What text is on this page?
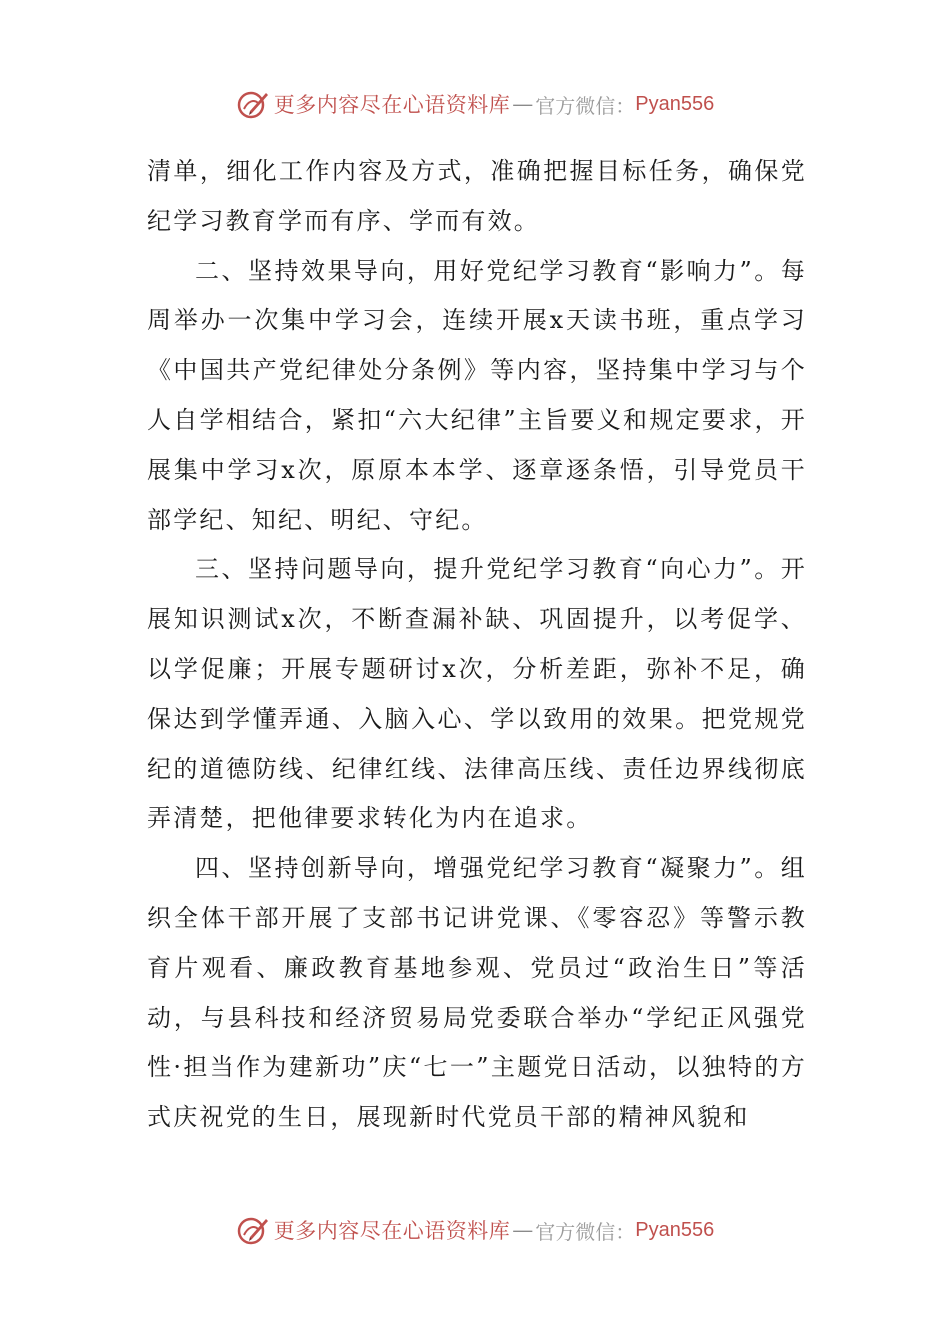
更多内容尽在心语资料库 — 官方微信： Pyan556

清单，细化工作内容及方式，准确把握目标任务，确保党纪学习教育学而有序、学而有效。

二、坚持效果导向，用好党纪学习教育“影响力”。每周举办一次集中学习会，连续开展x天读书班，重点学习《中国共产党纪律处分条例》等内容，坚持集中学习与个人自学相结合，紧扣“六大纪律”主旨要义和规定要求，开展集中学习x次，原原本本学、逐章逐条悟，引导党员干部学纪、知纪、明纪、守纪。

三、坚持问题导向，提升党纪学习教育“向心力”。开展知识测试x次，不断查漏补缺、巩固提升，以考促学、以学促廉；开展专题研讨x次，分析差距，弥补不足，确保达到学懂弄通、入脑入心、学以致用的效果。把党规党纪的道德防线、纪律红线、法律高压线、责任边界线彻底弄清楚，把他律要求转化为内在追求。

四、坚持创新导向，增强党纪学习教育“凝聚力”。组织全体干部开展了支部书记讲党课、《零容忍》等警示教育片观看、廉政教育基地参观、党员过“政治生日”等活动，与县科技和经济贸易局党委联合举办“学纪正风强党性·担当作为建新功”庆“七一”主题党日活动，以独特的方式庆祝党的生日，展现新时代党员干部的精神风貌和

更多内容尽在心语资料库 — 官方微信： Pyan556
